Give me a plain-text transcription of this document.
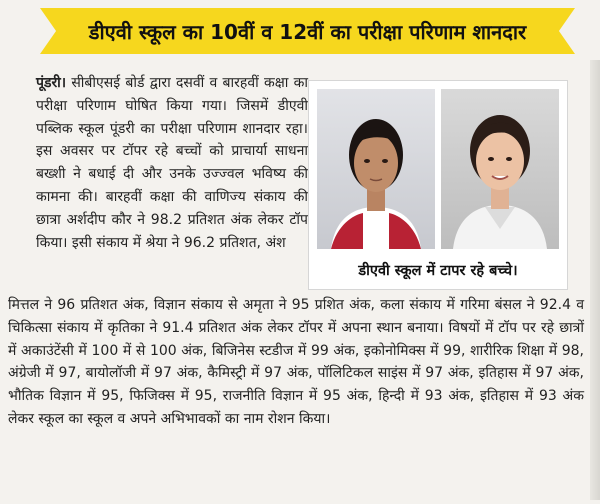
डीएवी स्कूल का 10वीं व 12वीं का परीक्षा परिणाम शानदार
पूंडरी। सीबीएसई बोर्ड द्वारा दसवीं व बारहवीं कक्षा का परीक्षा परिणाम घोषित किया गया। जिसमें डीएवी पब्लिक स्कूल पूंडरी का परीक्षा परिणाम शानदार रहा। इस अवसर पर टॉपर रहे बच्चों को प्राचार्या साधना बख्शी ने बधाई दी और उनके उज्ज्वल भविष्य की कामना की। बारहवीं कक्षा की वाणिज्य संकाय की छात्रा अर्शदीप कौर ने 98.2 प्रतिशत अंक लेकर टॉप किया। इसी संकाय में श्रेया ने 96.2 प्रतिशत, अंश
डीएवी स्कूल में टापर रहे बच्चे।
मित्तल ने 96 प्रतिशत अंक, विज्ञान संकाय से अमृता ने 95 प्रशित अंक, कला संकाय में गरिमा बंसल ने 92.4 व चिकित्सा संकाय में कृतिका ने 91.4 प्रतिशत अंक लेकर टॉपर में अपना स्थान बनाया। विषयों में टॉप पर रहे छात्रों में अकाउंटेंसी में 100 में से 100 अंक, बिजिनेस स्टडीज में 99 अंक, इकोनोमिक्स में 99, शारीरिक शिक्षा में 98, अंग्रेजी में 97, बायोलॉजी में 97 अंक, कैमिस्ट्री में 97 अंक, पॉलिटिकल साइंस में 97 अंक, इतिहास में 97 अंक, भौतिक विज्ञान में 95, फिजिक्स में 95, राजनीति विज्ञान में 95 अंक, हिन्दी में 93 अंक, इतिहास में 93 अंक लेकर स्कूल का स्कूल व अपने अभिभावकों का नाम रोशन किया।
